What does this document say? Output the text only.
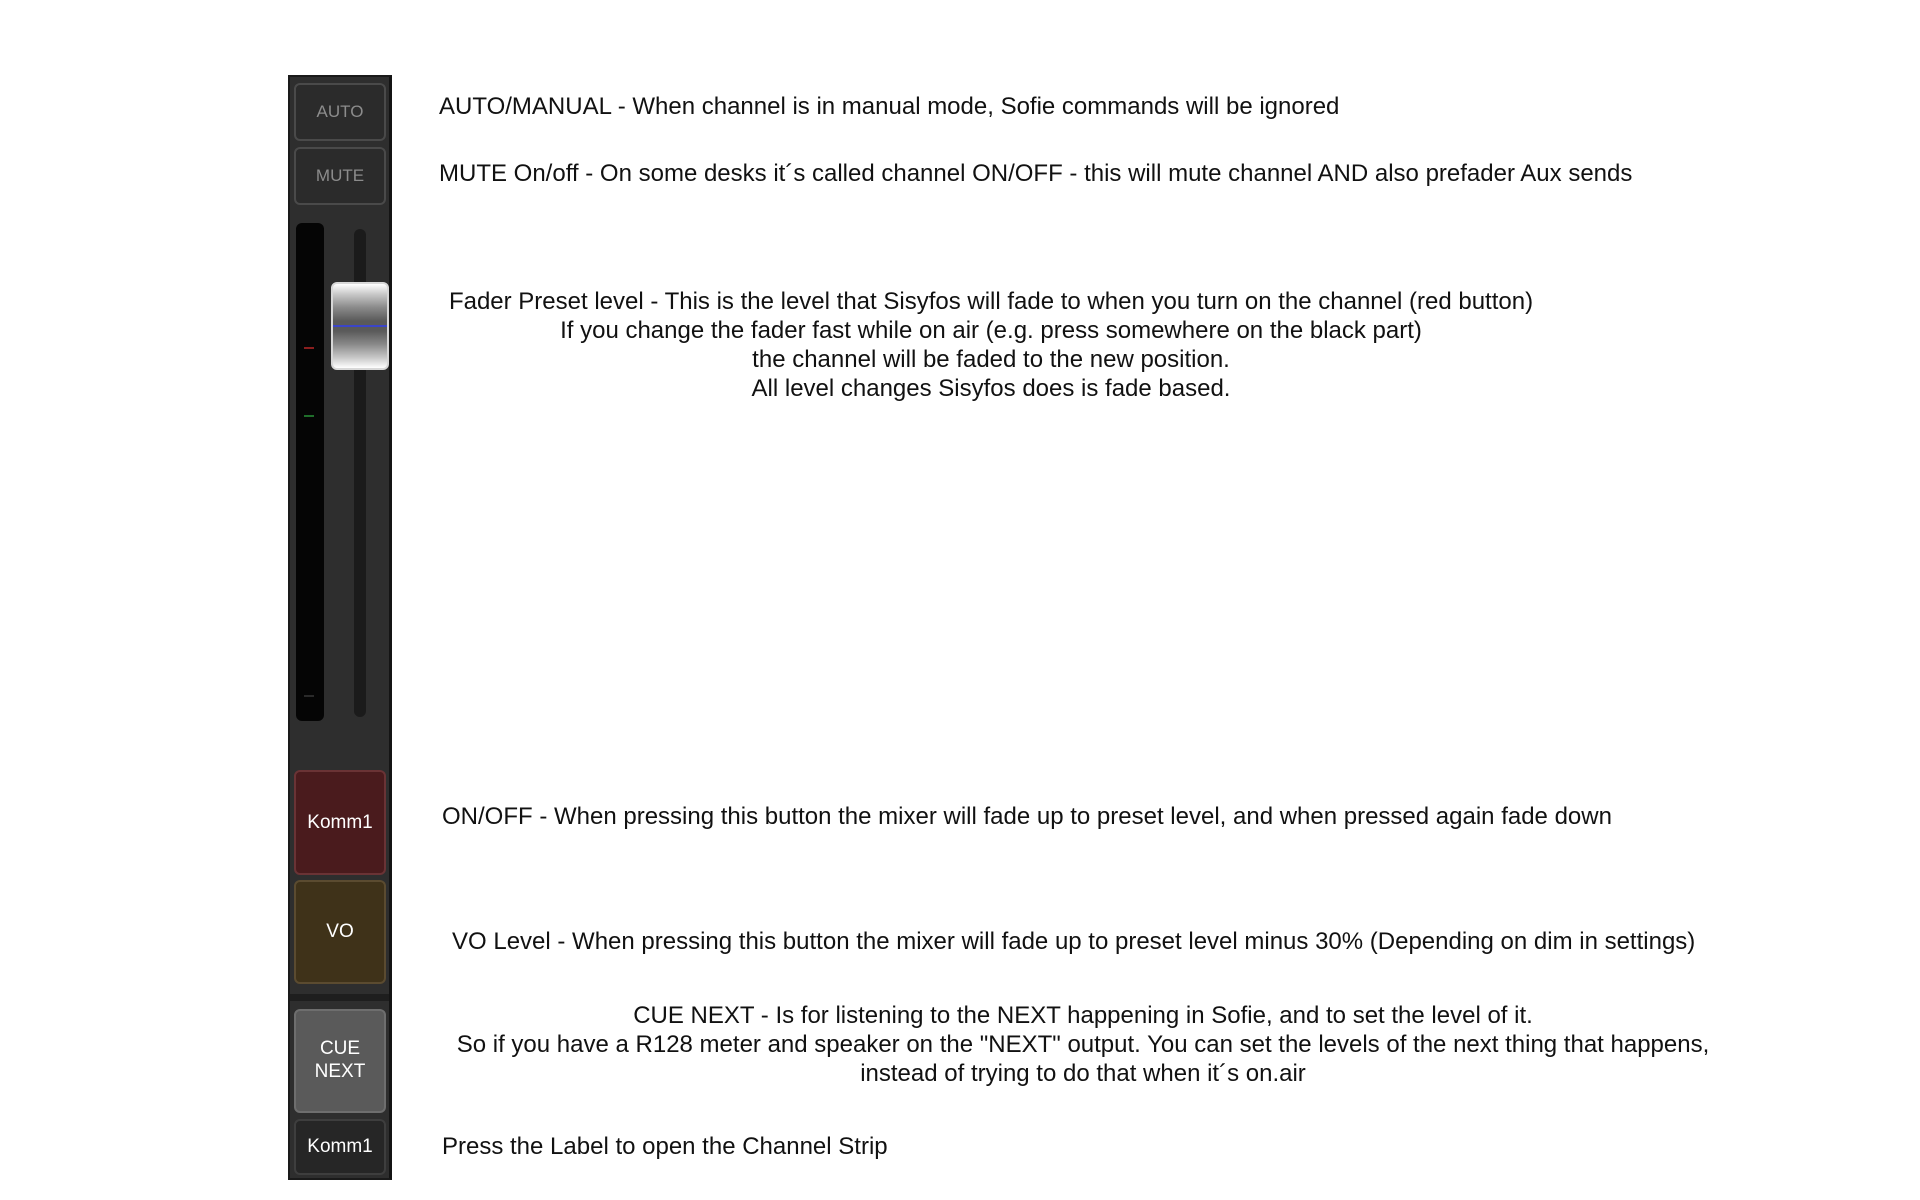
AUTO
MUTE
Komm1
VO
CUE
NEXT
Komm1
AUTO/MANUAL - When channel is in manual mode, Sofie commands will be ignored
MUTE On/off - On some desks it´s called channel ON/OFF - this will mute channel AND also prefader Aux sends
Fader Preset level - This is the level that Sisyfos will fade to when you turn on the channel (red button)
If you change the fader fast while on air (e.g. press somewhere on the black part)
the channel will be faded to the new position.
All level changes Sisyfos does is fade based.
ON/OFF - When pressing this button the mixer will fade up to preset level, and when pressed again fade down
VO Level - When pressing this button the mixer will fade up to preset level minus 30% (Depending on dim in settings)
CUE NEXT - Is for listening to the NEXT happening in Sofie, and to set the level of it.
So if you have a R128 meter and speaker on the "NEXT" output. You can set the levels of the next thing that happens,
instead of trying to do that when it´s on.air
Press the Label to open the Channel Strip
